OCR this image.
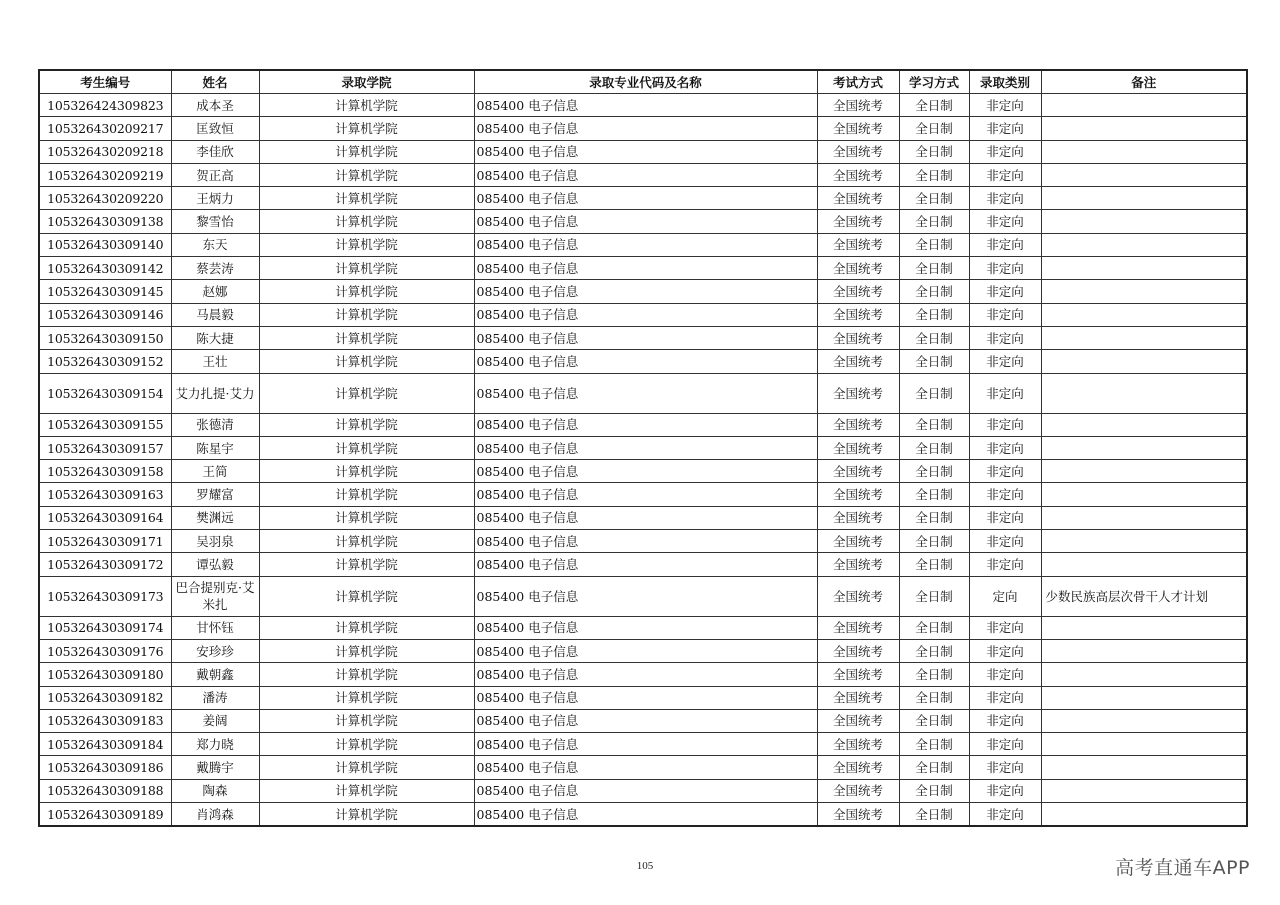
考生编号	姓名	录取学院	录取专业代码及名称	考试方式	学习方式	录取类别	备注
105326424309823	成本圣	计算机学院	085400 电子信息	全国统考	全日制	非定向	
105326430209217	匡致恒	计算机学院	085400 电子信息	全国统考	全日制	非定向	
105326430209218	李佳欣	计算机学院	085400 电子信息	全国统考	全日制	非定向	
105326430209219	贺正高	计算机学院	085400 电子信息	全国统考	全日制	非定向	
105326430209220	王炳力	计算机学院	085400 电子信息	全国统考	全日制	非定向	
105326430309138	黎雪怡	计算机学院	085400 电子信息	全国统考	全日制	非定向	
105326430309140	东天	计算机学院	085400 电子信息	全国统考	全日制	非定向	
105326430309142	蔡芸涛	计算机学院	085400 电子信息	全国统考	全日制	非定向	
105326430309145	赵娜	计算机学院	085400 电子信息	全国统考	全日制	非定向	
105326430309146	马晨毅	计算机学院	085400 电子信息	全国统考	全日制	非定向	
105326430309150	陈大捷	计算机学院	085400 电子信息	全国统考	全日制	非定向	
105326430309152	王壮	计算机学院	085400 电子信息	全国统考	全日制	非定向	
105326430309154	艾力扎提·艾力	计算机学院	085400 电子信息	全国统考	全日制	非定向	
105326430309155	张德清	计算机学院	085400 电子信息	全国统考	全日制	非定向	
105326430309157	陈星宇	计算机学院	085400 电子信息	全国统考	全日制	非定向	
105326430309158	王简	计算机学院	085400 电子信息	全国统考	全日制	非定向	
105326430309163	罗耀富	计算机学院	085400 电子信息	全国统考	全日制	非定向	
105326430309164	樊渊远	计算机学院	085400 电子信息	全国统考	全日制	非定向	
105326430309171	吴羽泉	计算机学院	085400 电子信息	全国统考	全日制	非定向	
105326430309172	谭弘毅	计算机学院	085400 电子信息	全国统考	全日制	非定向	
105326430309173	巴合提别克·艾米扎	计算机学院	085400 电子信息	全国统考	全日制	定向	少数民族高层次骨干人才计划
105326430309174	甘怀钰	计算机学院	085400 电子信息	全国统考	全日制	非定向	
105326430309176	安珍珍	计算机学院	085400 电子信息	全国统考	全日制	非定向	
105326430309180	戴朝鑫	计算机学院	085400 电子信息	全国统考	全日制	非定向	
105326430309182	潘涛	计算机学院	085400 电子信息	全国统考	全日制	非定向	
105326430309183	姜阔	计算机学院	085400 电子信息	全国统考	全日制	非定向	
105326430309184	郑力晓	计算机学院	085400 电子信息	全国统考	全日制	非定向	
105326430309186	戴腾宇	计算机学院	085400 电子信息	全国统考	全日制	非定向	
105326430309188	陶森	计算机学院	085400 电子信息	全国统考	全日制	非定向	
105326430309189	肖鸿森	计算机学院	085400 电子信息	全国统考	全日制	非定向	
105	高考直通车APP
